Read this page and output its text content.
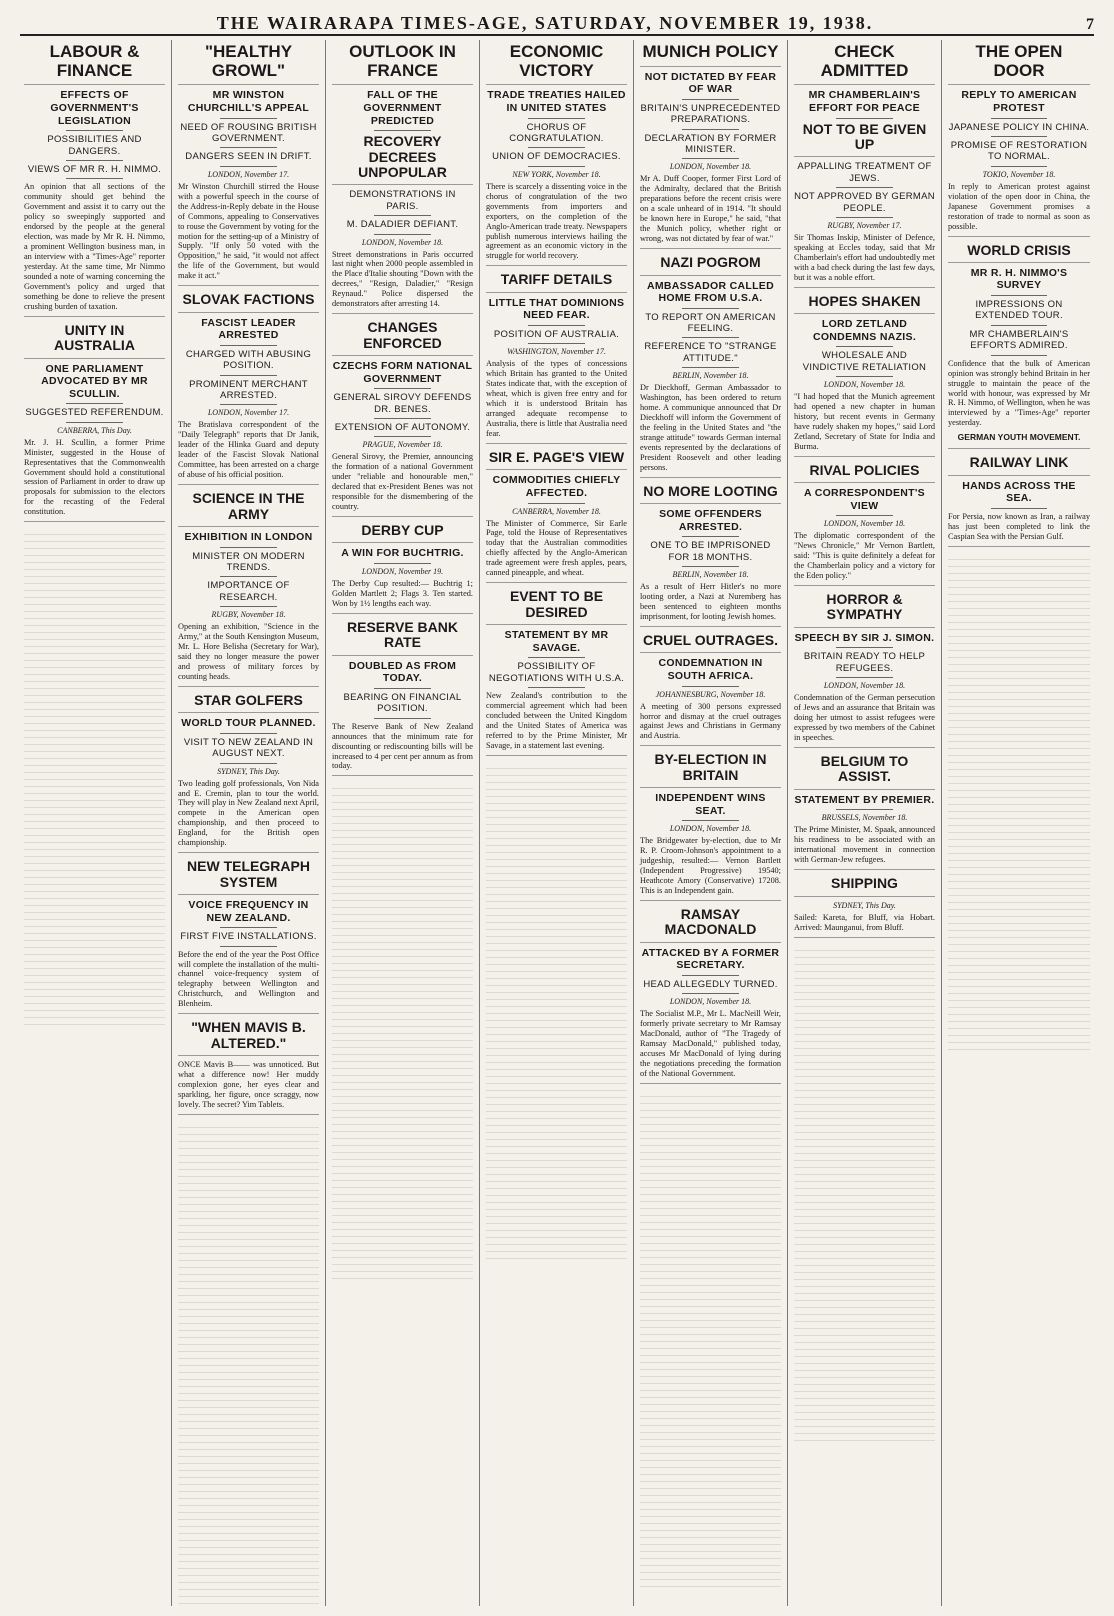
THE WAIRARAPA TIMES-AGE, SATURDAY, NOVEMBER 19, 1938.	7
LABOUR & FINANCE
EFFECTS OF GOVERNMENT'S LEGISLATION
POSSIBILITIES AND DANGERS.
VIEWS OF MR R. H. NIMMO.

An opinion that all sections of the community should get behind the Government and assist it to carry out the policy so sweepingly supported and endorsed by the people at the general election, was made by Mr R. H. Nimmo, a prominent Wellington business man, in an interview with a "Times-Age" reporter yesterday. At the same time, Mr Nimmo sounded a note of warning concerning the Government's policy and urged that something be done to relieve the present crushing burden of taxation.

UNITY IN AUSTRALIA
ONE PARLIAMENT ADVOCATED BY MR SCULLIN.
SUGGESTED REFERENDUM.
CANBERRA, This Day.

Mr. J. H. Scullin, a former Prime Minister, suggested in the House of Representatives that the Commonwealth Government should hold a constitutional session of Parliament in order to draw up proposals for submission to the electors for the recasting of the Federal constitution.

"HEALTHY GROWL"
MR WINSTON CHURCHILL'S APPEAL
NEED OF ROUSING BRITISH GOVERNMENT.
DANGERS SEEN IN DRIFT.
LONDON, November 17.

Mr Winston Churchill stirred the House with a powerful speech in the course of the Address-in-Reply debate in the House of Commons, appealing to Conservatives to rouse the Government by voting for the motion for the setting-up of a Ministry of Supply. "If only 50 voted with the Opposition," he said, "it would not affect the life of the Government, but would make it act."

SLOVAK FACTIONS
FASCIST LEADER ARRESTED
CHARGED WITH ABUSING POSITION.
PROMINENT MERCHANT ARRESTED.
LONDON, November 17.

The Bratislava correspondent of the "Daily Telegraph" reports that Dr Janik, leader of the Hlinka Guard and deputy leader of the Fascist Slovak National Committee, has been arrested on a charge of abuse of his official position.

SCIENCE IN THE ARMY
EXHIBITION IN LONDON
MINISTER ON MODERN TRENDS.
IMPORTANCE OF RESEARCH.
RUGBY, November 18.

Opening an exhibition, "Science in the Army," at the South Kensington Museum, Mr. L. Hore Belisha (Secretary for War), said they no longer measure the power and prowess of military forces by counting heads.

STAR GOLFERS
WORLD TOUR PLANNED.
VISIT TO NEW ZEALAND IN AUGUST NEXT.
SYDNEY, This Day.

Two leading golf professionals, Von Nida and E. Cremin, plan to tour the world. They will play in New Zealand next April, compete in the American open championship, and then proceed to England, for the British open championship.

NEW TELEGRAPH SYSTEM
VOICE FREQUENCY IN NEW ZEALAND.
FIRST FIVE INSTALLATIONS.

Before the end of the year the Post Office will complete the installation of the multi-channel voice-frequency system of telegraphy between Wellington and Christchurch, and Wellington and Blenheim.

"WHEN MAVIS B. ALTERED."

ONCE Mavis B—— was unnoticed. But what a difference now! Her muddy complexion gone, her eyes clear and sparkling, her figure, once scraggy, now lovely. The secret? Yim Tablets.

OUTLOOK IN FRANCE
FALL OF THE GOVERNMENT PREDICTED
RECOVERY DECREES UNPOPULAR
DEMONSTRATIONS IN PARIS.
M. DALADIER DEFIANT.
LONDON, November 18.

Street demonstrations in Paris occurred last night when 2000 people assembled in the Place d'Italie shouting "Down with the decrees," "Resign, Daladier," "Resign Reynaud." Police dispersed the demonstrators after arresting 14.

CHANGES ENFORCED
CZECHS FORM NATIONAL GOVERNMENT
GENERAL SIROVY DEFENDS DR. BENES.
EXTENSION OF AUTONOMY.
PRAGUE, November 18.

General Sirovy, the Premier, announcing the formation of a national Government under "reliable and honourable men," declared that ex-President Benes was not responsible for the dismembering of the country.

DERBY CUP
A WIN FOR BUCHTRIG.
LONDON, November 19.

The Derby Cup resulted:— Buchtrig 1; Golden Martlett 2; Flags 3. Ten started. Won by 1½ lengths each way.

RESERVE BANK RATE
DOUBLED AS FROM TODAY.
BEARING ON FINANCIAL POSITION.

The Reserve Bank of New Zealand announces that the minimum rate for discounting or rediscounting bills will be increased to 4 per cent per annum as from today.

ECONOMIC VICTORY
TRADE TREATIES HAILED IN UNITED STATES
CHORUS OF CONGRATULATION.
UNION OF DEMOCRACIES.
NEW YORK, November 18.

There is scarcely a dissenting voice in the chorus of congratulation of the two governments from importers and exporters, on the completion of the Anglo-American trade treaty. Newspapers publish numerous interviews hailing the agreement as an economic victory in the struggle for world recovery.

TARIFF DETAILS
LITTLE THAT DOMINIONS NEED FEAR.
POSITION OF AUSTRALIA.
WASHINGTON, November 17.

Analysis of the types of concessions which Britain has granted to the United States indicate that, with the exception of wheat, which is given free entry and for which it is understood Britain has arranged adequate recompense to Australia, there is little that Australia need fear.

SIR E. PAGE'S VIEW
COMMODITIES CHIEFLY AFFECTED.
CANBERRA, November 18.

The Minister of Commerce, Sir Earle Page, told the House of Representatives today that the Australian commodities chiefly affected by the Anglo-American trade agreement were fresh apples, pears, canned pineapple, and wheat.

EVENT TO BE DESIRED
STATEMENT BY MR SAVAGE.
POSSIBILITY OF NEGOTIATIONS WITH U.S.A.

New Zealand's contribution to the commercial agreement which had been concluded between the United Kingdom and the United States of America was referred to by the Prime Minister, Mr Savage, in a statement last evening.

MUNICH POLICY
NOT DICTATED BY FEAR OF WAR
BRITAIN'S UNPRECEDENTED PREPARATIONS.
DECLARATION BY FORMER MINISTER.
LONDON, November 18.

Mr A. Duff Cooper, former First Lord of the Admiralty, declared that the British preparations before the recent crisis were on a scale unheard of in 1914. "It should be known here in Europe," he said, "that the Munich policy, whether right or wrong, was not dictated by fear of war."

NAZI POGROM
AMBASSADOR CALLED HOME FROM U.S.A.
TO REPORT ON AMERICAN FEELING.
REFERENCE TO "STRANGE ATTITUDE."
BERLIN, November 18.

Dr Dieckhoff, German Ambassador to Washington, has been ordered to return home. A communique announced that Dr Dieckhoff will inform the Government of the feeling in the United States and "the strange attitude" towards German internal events represented by the declarations of President Roosevelt and other leading persons.

NO MORE LOOTING
SOME OFFENDERS ARRESTED.
ONE TO BE IMPRISONED FOR 18 MONTHS.
BERLIN, November 18.

As a result of Herr Hitler's no more looting order, a Nazi at Nuremberg has been sentenced to eighteen months imprisonment, for looting Jewish homes.

CRUEL OUTRAGES.
CONDEMNATION IN SOUTH AFRICA.
JOHANNESBURG, November 18.

A meeting of 300 persons expressed horror and dismay at the cruel outrages against Jews and Christians in Germany and Austria.

BY-ELECTION IN BRITAIN
INDEPENDENT WINS SEAT.
LONDON, November 18.

The Bridgewater by-election, due to Mr R. P. Croom-Johnson's appointment to a judgeship, resulted:— Vernon Bartlett (Independent Progressive) 19540; Heathcote Amory (Conservative) 17208. This is an Independent gain.

RAMSAY MACDONALD
ATTACKED BY A FORMER SECRETARY.
HEAD ALLEGEDLY TURNED.
LONDON, November 18.

The Socialist M.P., Mr L. MacNeill Weir, formerly private secretary to Mr Ramsay MacDonald, author of "The Tragedy of Ramsay MacDonald," published today, accuses Mr MacDonald of lying during the negotiations preceding the formation of the National Government.

CHECK ADMITTED
MR CHAMBERLAIN'S EFFORT FOR PEACE
NOT TO BE GIVEN UP
APPALLING TREATMENT OF JEWS.
NOT APPROVED BY GERMAN PEOPLE.
RUGBY, November 17.

Sir Thomas Inskip, Minister of Defence, speaking at Eccles today, said that Mr Chamberlain's effort had undoubtedly met with a bad check during the last few days, but it was a noble effort.

HOPES SHAKEN
LORD ZETLAND CONDEMNS NAZIS.
WHOLESALE AND VINDICTIVE RETALIATION
LONDON, November 18.

"I had hoped that the Munich agreement had opened a new chapter in human history, but recent events in Germany have rudely shaken my hopes," said Lord Zetland, Secretary of State for India and Burma.

RIVAL POLICIES
A CORRESPONDENT'S VIEW
LONDON, November 18.

The diplomatic correspondent of the "News Chronicle," Mr Vernon Bartlett, said: "This is quite definitely a defeat for the Chamberlain policy and a victory for the Eden policy."

HORROR & SYMPATHY
SPEECH BY SIR J. SIMON.
BRITAIN READY TO HELP REFUGEES.
LONDON, November 18.

Condemnation of the German persecution of Jews and an assurance that Britain was doing her utmost to assist refugees were expressed by two members of the Cabinet in speeches.

BELGIUM TO ASSIST.
STATEMENT BY PREMIER.
BRUSSELS, November 18.

The Prime Minister, M. Spaak, announced his readiness to be associated with an international movement in connection with German-Jew refugees.

SHIPPING
SYDNEY, This Day.

Sailed: Kareta, for Bluff, via Hobart. Arrived: Maunganui, from Bluff.

THE OPEN DOOR
REPLY TO AMERICAN PROTEST
JAPANESE POLICY IN CHINA.
PROMISE OF RESTORATION TO NORMAL.
TOKIO, November 18.

In reply to American protest against violation of the open door in China, the Japanese Government promises a restoration of trade to normal as soon as possible.

WORLD CRISIS
MR R. H. NIMMO'S SURVEY
IMPRESSIONS ON EXTENDED TOUR.
MR CHAMBERLAIN'S EFFORTS ADMIRED.

Confidence that the bulk of American opinion was strongly behind Britain in her struggle to maintain the peace of the world with honour, was expressed by Mr R. H. Nimmo, of Wellington, when he was interviewed by a "Times-Age" reporter yesterday.

GERMAN YOUTH MOVEMENT.
RAILWAY LINK
HANDS ACROSS THE SEA.

For Persia, now known as Iran, a railway has just been completed to link the Caspian Sea with the Persian Gulf.
